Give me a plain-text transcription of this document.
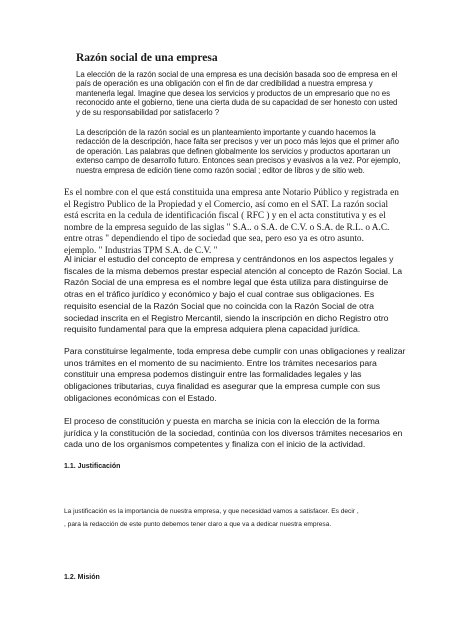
Razón social de una empresa
La elección de la razón social de una empresa es una decisión basada soo de empresa en el
país de operación es una obligación con el fin de dar credibilidad a nuestra empresa y
mantenerla legal. Imagine que desea los servicios y productos de un empresario que no es
reconocido ante el gobierno, tiene una cierta duda de su capacidad de ser honesto con usted
y de su responsabilidad por satisfacerlo ?
La descripción de la razón social es un planteamiento importante y cuando hacemos la
redacción de la descripción, hace falta ser precisos y ver un poco más lejos que el primer año
de operación. Las palabras que definen globalmente los servicios y productos aportaran un
extenso campo de desarrollo futuro. Entonces sean precisos y evasivos a la vez. Por ejemplo,
nuestra empresa de edición tiene como razón social ; editor de libros y de sitio web.
Es el nombre con el que está constituida una empresa ante Notario Público y registrada en
el Registro Publico de la Propiedad y el Comercio, así como en el SAT. La razón social
está escrita en la cedula de identificación fiscal ( RFC ) y en el acta constitutiva y es el
nombre de la empresa seguido de las siglas " S.A.. o S.A. de C.V. o S.A. de R.L. o A.C.
entre otras " dependiendo el tipo de sociedad que sea, pero eso ya es otro asunto.
ejemplo. " Industrias TPM S.A. de C.V. "
Al iniciar el estudio del concepto de empresa y centrándonos en los aspectos legales y
fiscales de la misma debemos prestar especial atención al concepto de Razón Social. La
Razón Social de una empresa es el nombre legal que ésta utiliza para distinguirse de
otras en el tráfico jurídico y económico y bajo el cual contrae sus obligaciones. Es
requisito esencial de la Razón Social que no coincida con la Razón Social de otra
sociedad inscrita en el Registro Mercantil, siendo la inscripción en dicho Registro otro
requisito fundamental para que la empresa adquiera plena capacidad jurídica.
Para constituirse legalmente, toda empresa debe cumplir con unas obligaciones y realizar
unos trámites en el momento de su nacimiento. Entre los trámites necesarios para
constituir una empresa podemos distinguir entre las formalidades legales y las
obligaciones tributarias, cuya finalidad es asegurar que la empresa cumple con sus
obligaciones económicas con el Estado.
El proceso de constitución y puesta en marcha se inicia con la elección de la forma
jurídica y la constitución de la sociedad, continúa con los diversos trámites necesarios en
cada uno de los organismos competentes y finaliza con el inicio de la actividad.
1.1. Justificación

La justificación es la importancia de nuestra empresa, y que necesidad vamos a satisfacer. Es decir ,

, para la redacción de este punto debemos tener claro a que va a dedicar nuestra empresa.

1.2. Misión
